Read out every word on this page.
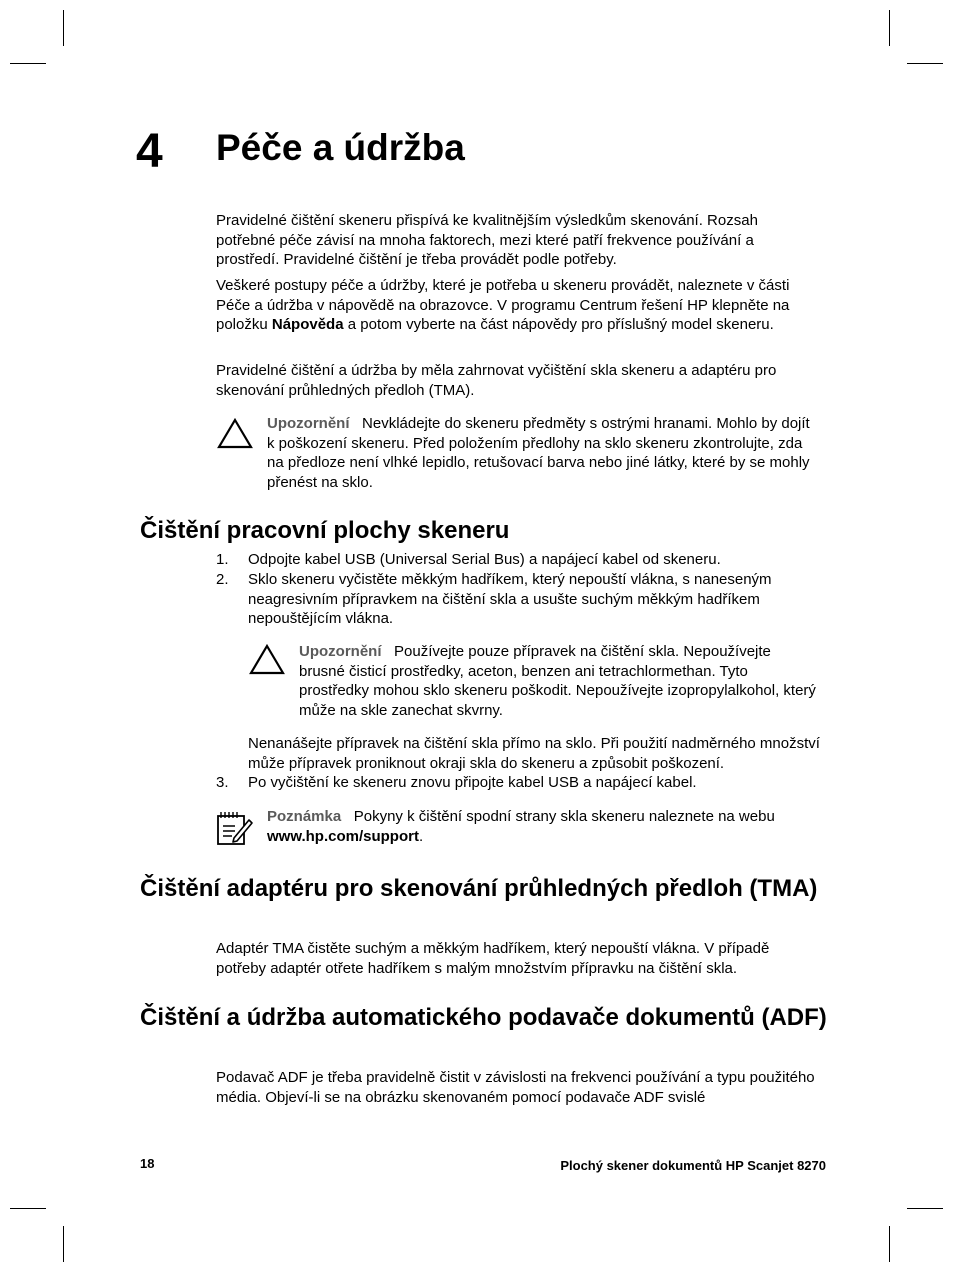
4 Péče a údržba

Pravidelné čištění skeneru přispívá ke kvalitnějším výsledkům skenování. Rozsah potřebné péče závisí na mnoha faktorech, mezi které patří frekvence používání a prostředí. Pravidelné čištění je třeba provádět podle potřeby.

Veškeré postupy péče a údržby, které je potřeba u skeneru provádět, naleznete v části Péče a údržba v nápovědě na obrazovce. V programu Centrum řešení HP klepněte na položku Nápověda a potom vyberte na část nápovědy pro příslušný model skeneru.

Pravidelné čištění a údržba by měla zahrnovat vyčištění skla skeneru a adaptéru pro skenování průhledných předloh (TMA).

Upozornění Nevkládejte do skeneru předměty s ostrými hranami. Mohlo by dojít k poškození skeneru. Před položením předlohy na sklo skeneru zkontrolujte, zda na předloze není vlhké lepidlo, retušovací barva nebo jiné látky, které by se mohly přenést na sklo.
Čištění pracovní plochy skeneru
1. Odpojte kabel USB (Universal Serial Bus) a napájecí kabel od skeneru.
2. Sklo skeneru vyčistěte měkkým hadříkem, který nepouští vlákna, s naneseným neagresivním přípravkem na čištění skla a usušte suchým měkkým hadříkem nepouštějícím vlákna.
Upozornění Používejte pouze přípravek na čištění skla. Nepoužívejte brusné čisticí prostředky, aceton, benzen ani tetrachlormethan. Tyto prostředky mohou sklo skeneru poškodit. Nepoužívejte izopropylalkohol, který může na skle zanechat skvrny.

Nenanášejte přípravek na čištění skla přímo na sklo. Při použití nadměrného množství může přípravek proniknout okraji skla do skeneru a způsobit poškození.

3. Po vyčištění ke skeneru znovu připojte kabel USB a napájecí kabel.
Poznámka Pokyny k čištění spodní strany skla skeneru naleznete na webu www.hp.com/support.
Čištění adaptéru pro skenování průhledných předloh (TMA)

Adaptér TMA čistěte suchým a měkkým hadříkem, který nepouští vlákna. V případě potřeby adaptér otřete hadříkem s malým množstvím přípravku na čištění skla.

Čištění a údržba automatického podavače dokumentů (ADF)

Podavač ADF je třeba pravidelně čistit v závislosti na frekvenci používání a typu použitého média. Objeví-li se na obrázku skenovaném pomocí podavače ADF svislé

18	Plochý skener dokumentů HP Scanjet 8270
